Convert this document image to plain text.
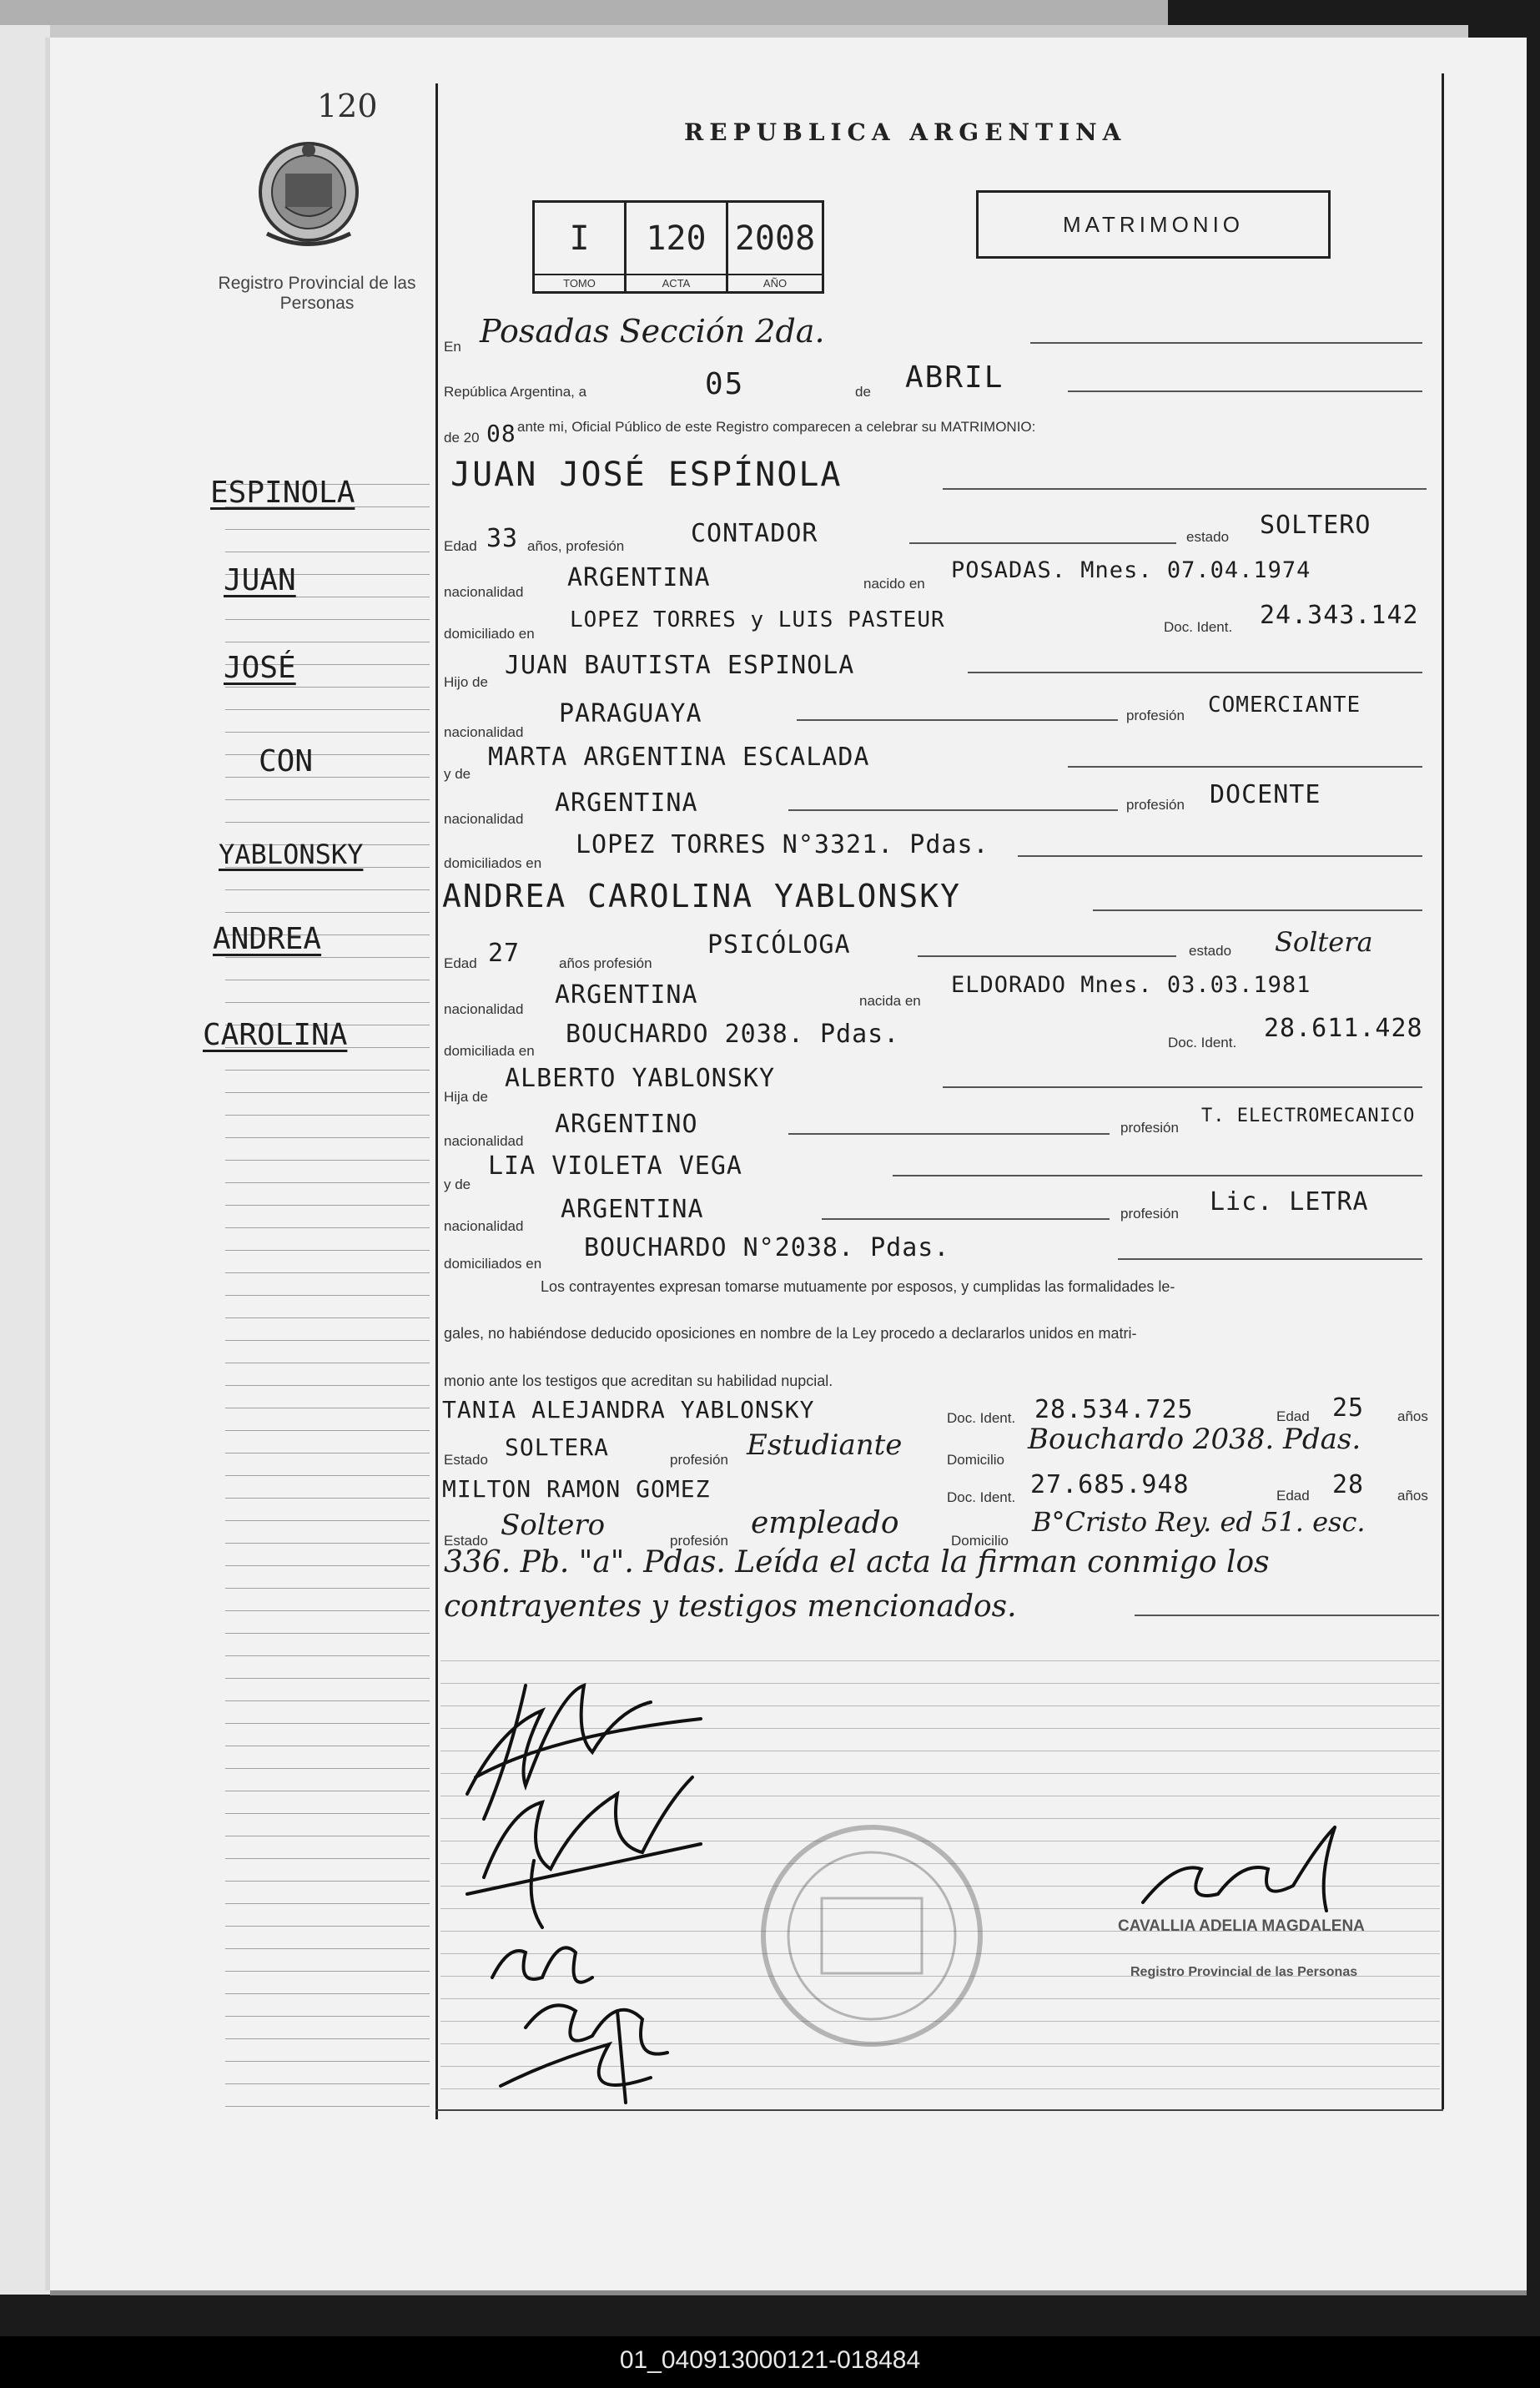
120
Registro Provincial de las Personas
REPUBLICA ARGENTINA
MATRIMONIO
I
TOMO
120
ACTA
2008
AÑO
ESPINOLA
JUAN
JOSÉ
CON
YABLONSKY
ANDREA
CAROLINA
En Posadas Sección 2da.
República Argentina, a	05	de ABRIL
de 20 08 ante mi, Oficial Público de este Registro comparecen a celebrar su MATRIMONIO:
JUAN JOSÉ ESPÍNOLA
Edad 33 años, profesión	CONTADOR	estado SOLTERO
nacionalidad ARGENTINA	nacido en
POSADAS. Mnes. 07.04.1974
domiciliado en
LOPEZ TORRES y LUIS PASTEUR	Doc. Ident. 24.343.142
Hijo de
JUAN BAUTISTA ESPINOLA
nacionalidad
PARAGUAYA	profesión COMERCIANTE
y de
MARTA ARGENTINA ESCALADA
nacionalidad
ARGENTINA	profesión DOCENTE
domiciliados en
LOPEZ TORRES N°3321. Pdas.
ANDREA CAROLINA YABLONSKY
Edad 27	años profesión
PSICÓLOGA	estado Soltera
nacionalidad ARGENTINA	nacida en
ELDORADO Mnes. 03.03.1981
domiciliada en
BOUCHARDO 2038. Pdas.	Doc. Ident. 28.611.428
Hija de
ALBERTO YABLONSKY
nacionalidad
ARGENTINO	profesión
T. ELECTROMECANICO
y de
LIA VIOLETA VEGA
nacionalidad
ARGENTINA	profesión Lic. LETRA
domiciliados en
BOUCHARDO N°2038. Pdas.
Los contrayentes expresan tomarse mutuamente por esposos, y cumplidas las formalidades le-
gales, no habiéndose deducido oposiciones en nombre de la Ley procedo a declararlos unidos en matri-
monio ante los testigos que acreditan su habilidad nupcial.
TANIA ALEJANDRA YABLONSKY	Doc. Ident. 28.534.725	Edad 25 años
Estado SOLTERA	profesión Estudiante	Domicilio
Bouchardo 2038. Pdas.
MILTON RAMON GOMEZ	Doc. Ident. 27.685.948	Edad 28 años
Estado Soltero	profesión
empleado
Domicilio
B°Cristo Rey. ed 51. esc.
336. Pb. "a". Pdas. Leída el acta la firman conmigo los
contrayentes y testigos mencionados.
CAVALLIA ADELIA MAGDALENA
Registro Provincial de las Personas
01_040913000121-018484
